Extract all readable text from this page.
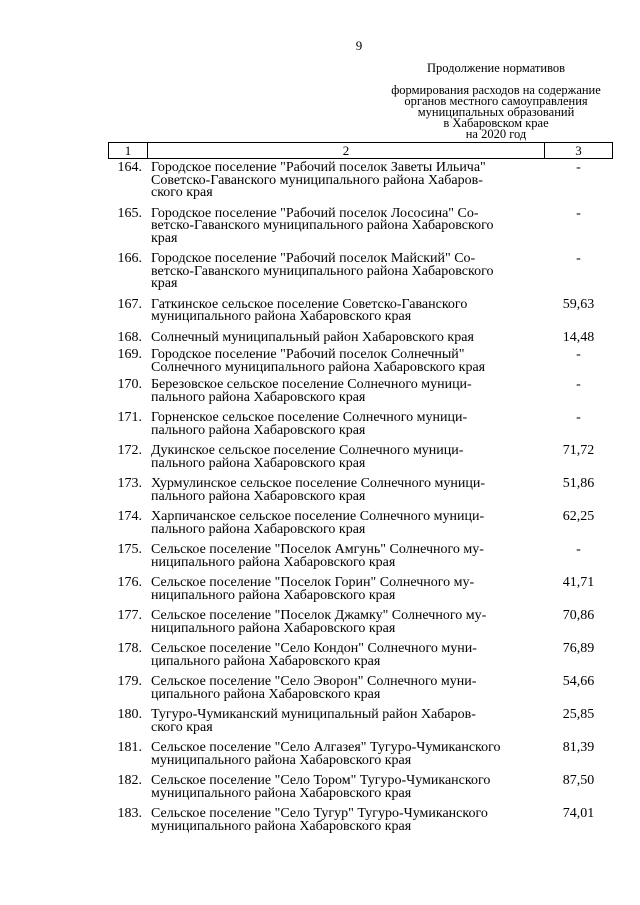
9
Продолжение нормативов
формирования расходов на содержание
органов местного самоуправления
муниципальных образований
в Хабаровском крае
на 2020 год
1	2	3
164. Городское поселение "Рабочий поселок Заветы Ильича"
Советско-Гаванского муниципального района Хабаров-
ского края
-
165. Городское поселение "Рабочий поселок Лососина" Со-
ветско-Гаванского муниципального района Хабаровского
края
-
166. Городское поселение "Рабочий поселок Майский" Со-
ветско-Гаванского муниципального района Хабаровского
края
-
167. Гаткинское сельское поселение Советско-Гаванского
муниципального района Хабаровского края
59,63
168. Солнечный муниципальный район Хабаровского края	14,48
169. Городское поселение "Рабочий поселок Солнечный"
Солнечного муниципального района Хабаровского края
-
170. Березовское сельское поселение Солнечного муници-
пального района Хабаровского края
-
171. Горненское сельское поселение Солнечного муници-
пального района Хабаровского края
-
172. Дукинское сельское поселение Солнечного муници-
пального района Хабаровского края
71,72
173. Хурмулинское сельское поселение Солнечного муници-
пального района Хабаровского края
51,86
174. Харпичанское сельское поселение Солнечного муници-
пального района Хабаровского края
62,25
175. Сельское поселение "Поселок Амгунь" Солнечного му-
ниципального района Хабаровского края
-
176. Сельское поселение "Поселок Горин" Солнечного му-
ниципального района Хабаровского края
41,71
177. Сельское поселение "Поселок Джамку" Солнечного му-
ниципального района Хабаровского края
70,86
178. Сельское поселение "Село Кондон" Солнечного муни-
ципального района Хабаровского края
76,89
179. Сельское поселение "Село Эворон" Солнечного муни-
ципального района Хабаровского края
54,66
180. Тугуро-Чумиканский муниципальный район Хабаров-
ского края
25,85
181. Сельское поселение "Село Алгазея" Тугуро-Чумиканского
муниципального района Хабаровского края
81,39
182. Сельское поселение "Село Тором" Тугуро-Чумиканского
муниципального района Хабаровского края
87,50
183. Сельское поселение "Село Тугур" Тугуро-Чумиканского
муниципального района Хабаровского края
74,01
